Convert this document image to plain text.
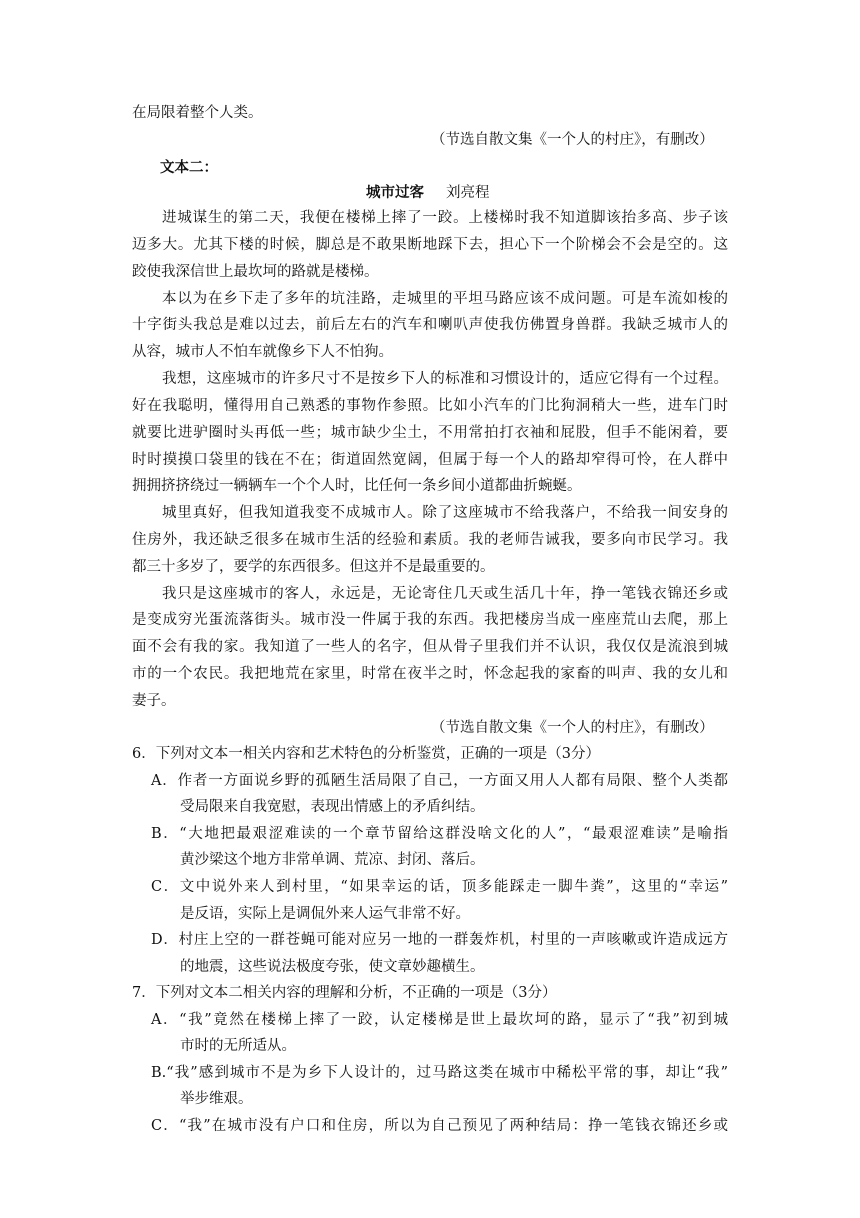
在局限着整个人类。
（节选自散文集《一个人的村庄》，有删改）
文本二：
城市过客 刘亮程
进城谋生的第二天，我便在楼梯上摔了一跤。上楼梯时我不知道脚该抬多高、步子该
迈多大。尤其下楼的时候，脚总是不敢果断地踩下去，担心下一个阶梯会不会是空的。这
跤使我深信世上最坎坷的路就是楼梯。
本以为在乡下走了多年的坑洼路，走城里的平坦马路应该不成问题。可是车流如梭的
十字街头我总是难以过去，前后左右的汽车和喇叭声使我仿佛置身兽群。我缺乏城市人的
从容，城市人不怕车就像乡下人不怕狗。
我想，这座城市的许多尺寸不是按乡下人的标准和习惯设计的，适应它得有一个过程。
好在我聪明，懂得用自己熟悉的事物作参照。比如小汽车的门比狗洞稍大一些，进车门时
就要比进驴圈时头再低一些；城市缺少尘土，不用常拍打衣袖和屁股，但手不能闲着，要
时时摸摸口袋里的钱在不在；街道固然宽阔，但属于每一个人的路却窄得可怜，在人群中
拥拥挤挤绕过一辆辆车一个个人时，比任何一条乡间小道都曲折蜿蜒。
城里真好，但我知道我变不成城市人。除了这座城市不给我落户，不给我一间安身的
住房外，我还缺乏很多在城市生活的经验和素质。我的老师告诫我，要多向市民学习。我
都三十多岁了，要学的东西很多。但这并不是最重要的。
我只是这座城市的客人，永远是，无论寄住几天或生活几十年，挣一笔钱衣锦还乡或
是变成穷光蛋流落街头。城市没一件属于我的东西。我把楼房当成一座座荒山去爬，那上
面不会有我的家。我知道了一些人的名字，但从骨子里我们并不认识，我仅仅是流浪到城
市的一个农民。我把地荒在家里，时常在夜半之时，怀念起我的家畜的叫声、我的女儿和
妻子。
（节选自散文集《一个人的村庄》，有删改）
6．下列对文本一相关内容和艺术特色的分析鉴赏，正确的一项是（3分）
A．作者一方面说乡野的孤陋生活局限了自己，一方面又用人人都有局限、整个人类都
受局限来自我宽慰，表现出情感上的矛盾纠结。
B．“大地把最艰涩难读的一个章节留给这群没啥文化的人”，“最艰涩难读”是喻指
黄沙梁这个地方非常单调、荒凉、封闭、落后。
C．文中说外来人到村里，“如果幸运的话，顶多能踩走一脚牛粪”，这里的“幸运”
是反语，实际上是调侃外来人运气非常不好。
D．村庄上空的一群苍蝇可能对应另一地的一群轰炸机，村里的一声咳嗽或许造成远方
的地震，这些说法极度夸张，使文章妙趣横生。
7．下列对文本二相关内容的理解和分析，不正确的一项是（3分）
A．“我”竟然在楼梯上摔了一跤，认定楼梯是世上最坎坷的路，显示了“我”初到城
市时的无所适从。
B.“我”感到城市不是为乡下人设计的，过马路这类在城市中稀松平常的事，却让“我”
举步维艰。
C．“我”在城市没有户口和住房，所以为自己预见了两种结局：挣一笔钱衣锦还乡或
